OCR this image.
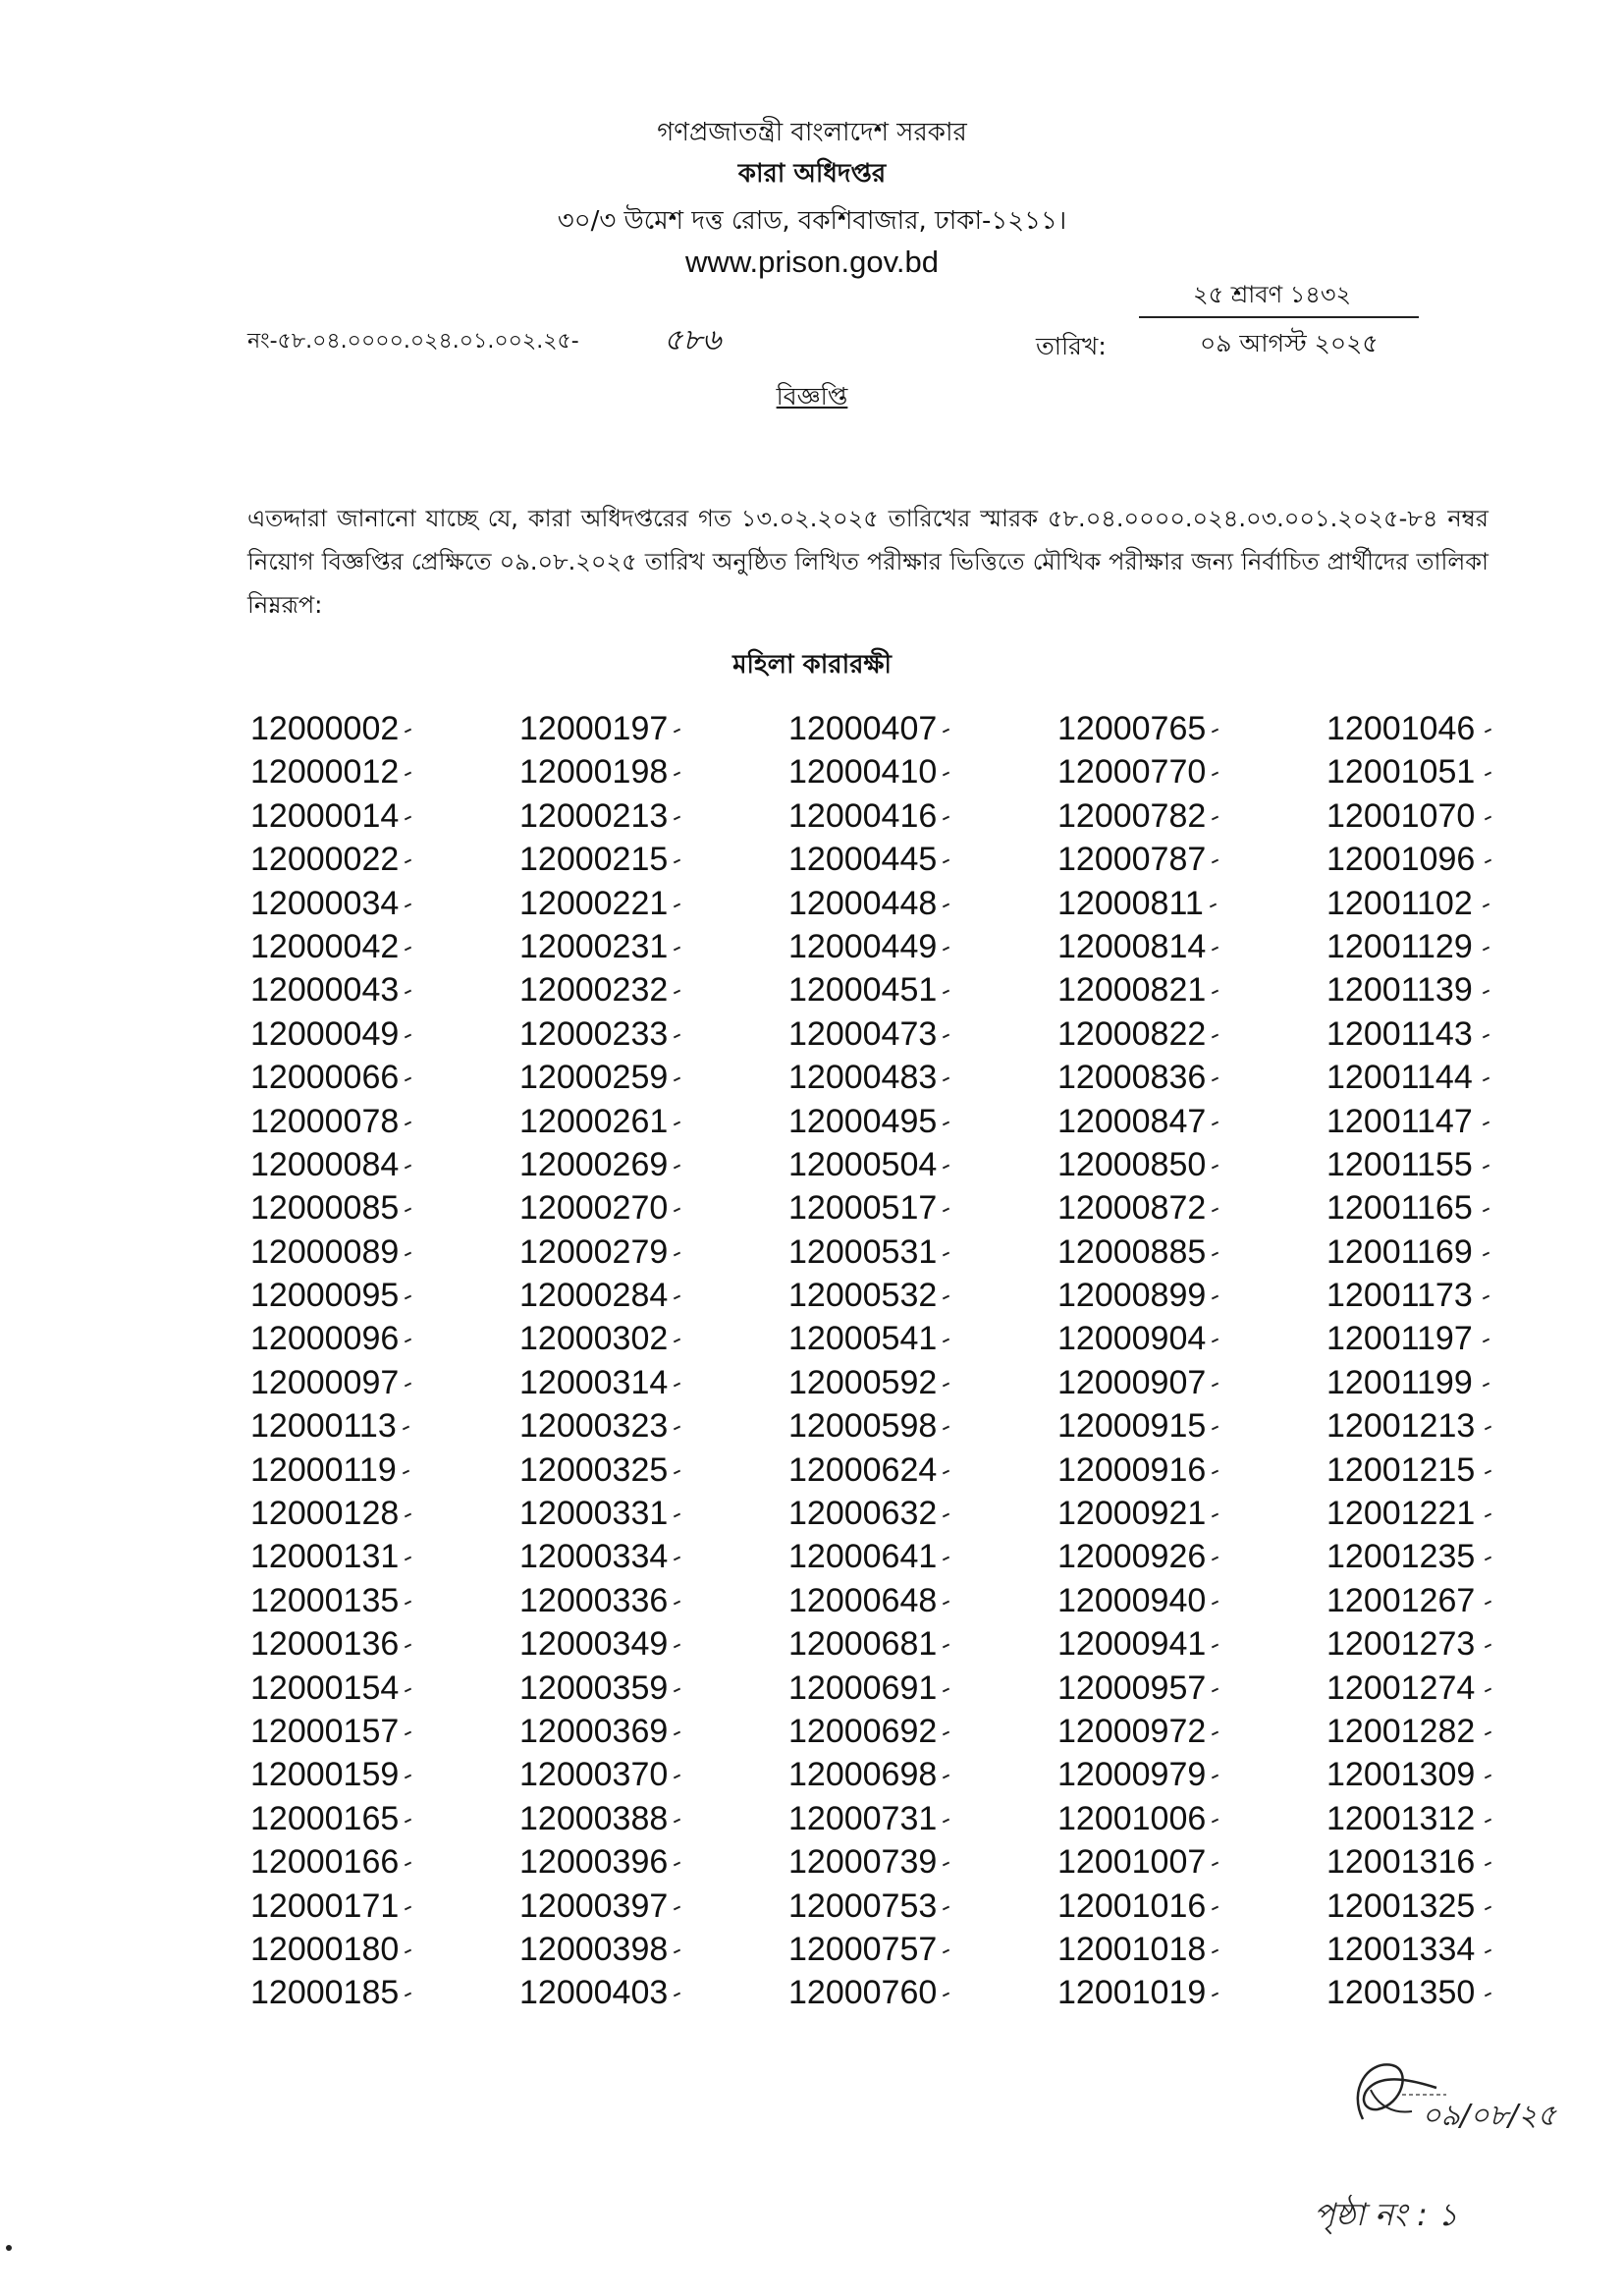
গণপ্রজাতন্ত্রী বাংলাদেশ সরকার
কারা অধিদপ্তর
৩০/৩ উমেশ দত্ত রোড, বকশিবাজার, ঢাকা-১২১১।
www.prison.gov.bd
২৫ শ্রাবণ ১৪৩২
নং-৫৮.০৪.০০০০.০২৪.০১.০০২.২৫-	৫৮৬	তারিখ:	০৯ আগস্ট ২০২৫
বিজ্ঞপ্তি
এতদ্দারা জানানো যাচ্ছে যে, কারা অধিদপ্তরের গত ১৩.০২.২০২৫ তারিখের স্মারক ৫৮.০৪.০০০০.০২৪.০৩.০০১.২০২৫-৮৪ নম্বর নিয়োগ বিজ্ঞপ্তির প্রেক্ষিতে ০৯.০৮.২০২৫ তারিখ অনুষ্ঠিত লিখিত পরীক্ষার ভিত্তিতে মৌখিক পরীক্ষার জন্য নির্বাচিত প্রার্থীদের তালিকা নিম্নরূপ:
মহিলা কারারক্ষী
12000002	12000197	12000407	12000765	12001046
12000012	12000198	12000410	12000770	12001051
12000014	12000213	12000416	12000782	12001070
12000022	12000215	12000445	12000787	12001096
12000034	12000221	12000448	12000811	12001102
12000042	12000231	12000449	12000814	12001129
12000043	12000232	12000451	12000821	12001139
12000049	12000233	12000473	12000822	12001143
12000066	12000259	12000483	12000836	12001144
12000078	12000261	12000495	12000847	12001147
12000084	12000269	12000504	12000850	12001155
12000085	12000270	12000517	12000872	12001165
12000089	12000279	12000531	12000885	12001169
12000095	12000284	12000532	12000899	12001173
12000096	12000302	12000541	12000904	12001197
12000097	12000314	12000592	12000907	12001199
12000113	12000323	12000598	12000915	12001213
12000119	12000325	12000624	12000916	12001215
12000128	12000331	12000632	12000921	12001221
12000131	12000334	12000641	12000926	12001235
12000135	12000336	12000648	12000940	12001267
12000136	12000349	12000681	12000941	12001273
12000154	12000359	12000691	12000957	12001274
12000157	12000369	12000692	12000972	12001282
12000159	12000370	12000698	12000979	12001309
12000165	12000388	12000731	12001006	12001312
12000166	12000396	12000739	12001007	12001316
12000171	12000397	12000753	12001016	12001325
12000180	12000398	12000757	12001018	12001334
12000185	12000403	12000760	12001019	12001350
০৯/০৮/২৫
পৃষ্ঠা নং : ১
